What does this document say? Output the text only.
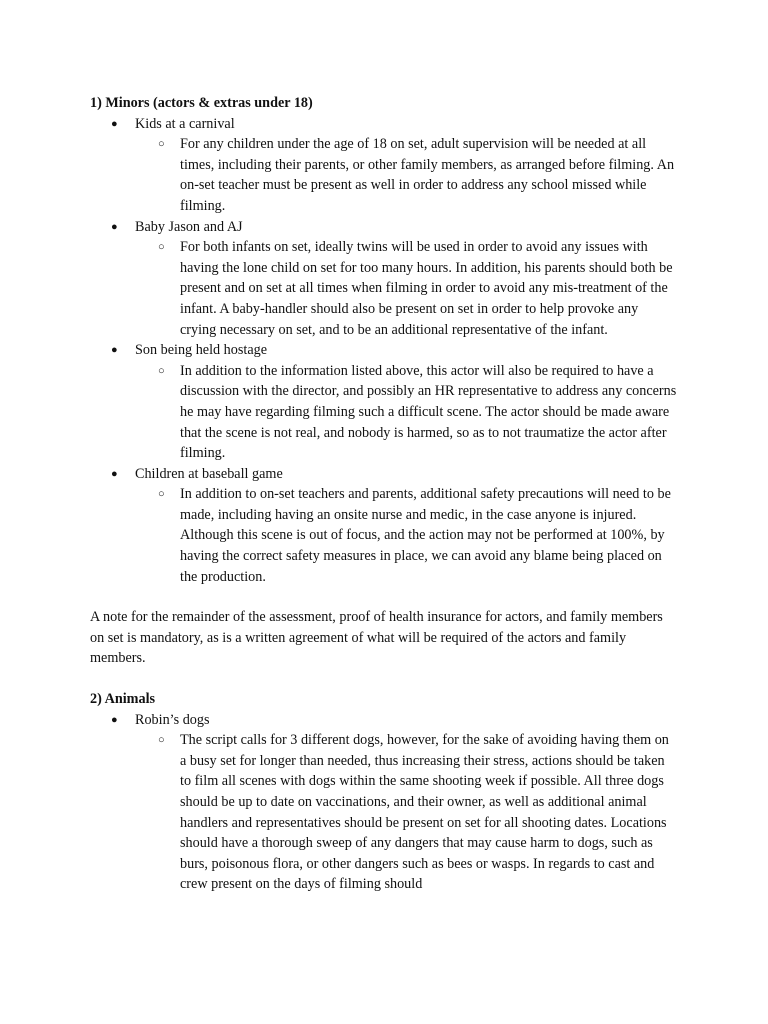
1) Minors (actors & extras under 18)

● Kids at a carnival
○ For any children under the age of 18 on set, adult supervision will be needed at all times, including their parents, or other family members, as arranged before filming. An on-set teacher must be present as well in order to address any school missed while filming.
● Baby Jason and AJ
○ For both infants on set, ideally twins will be used in order to avoid any issues with having the lone child on set for too many hours. In addition, his parents should both be present and on set at all times when filming in order to avoid any mis-treatment of the infant. A baby-handler should also be present on set in order to help provoke any crying necessary on set, and to be an additional representative of the infant.
● Son being held hostage
○ In addition to the information listed above, this actor will also be required to have a discussion with the director, and possibly an HR representative to address any concerns he may have regarding filming such a difficult scene. The actor should be made aware that the scene is not real, and nobody is harmed, so as to not traumatize the actor after filming.
● Children at baseball game
○ In addition to on-set teachers and parents, additional safety precautions will need to be made, including having an onsite nurse and medic, in the case anyone is injured. Although this scene is out of focus, and the action may not be performed at 100%, by having the correct safety measures in place, we can avoid any blame being placed on the production.

A note for the remainder of the assessment, proof of health insurance for actors, and family members on set is mandatory, as is a written agreement of what will be required of the actors and family members.

2) Animals

● Robin’s dogs
○ The script calls for 3 different dogs, however, for the sake of avoiding having them on a busy set for longer than needed, thus increasing their stress, actions should be taken to film all scenes with dogs within the same shooting week if possible. All three dogs should be up to date on vaccinations, and their owner, as well as additional animal handlers and representatives should be present on set for all shooting dates. Locations should have a thorough sweep of any dangers that may cause harm to dogs, such as burs, poisonous flora, or other dangers such as bees or wasps. In regards to cast and crew present on the days of filming should
